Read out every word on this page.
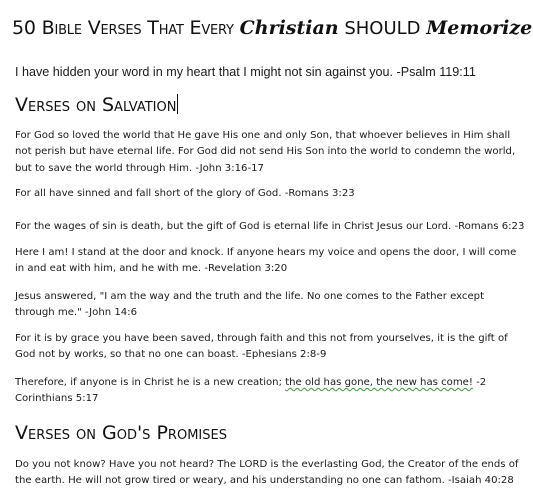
50 Bible Verses That Every Christian SHOULD Memorize
I have hidden your word in my heart that I might not sin against you. -Psalm 119:11
Verses on Salvation
For God so loved the world that He gave His one and only Son, that whoever believes in Him shall not perish but have eternal life. For God did not send His Son into the world to condemn the world, but to save the world through Him. -John 3:16-17
For all have sinned and fall short of the glory of God. -Romans 3:23
For the wages of sin is death, but the gift of God is eternal life in Christ Jesus our Lord. -Romans 6:23
Here I am! I stand at the door and knock. If anyone hears my voice and opens the door, I will come in and eat with him, and he with me. -Revelation 3:20
Jesus answered, "I am the way and the truth and the life. No one comes to the Father except through me." -John 14:6
For it is by grace you have been saved, through faith and this not from yourselves, it is the gift of God not by works, so that no one can boast. -Ephesians 2:8-9
Therefore, if anyone is in Christ he is a new creation; the old has gone, the new has come! -2 Corinthians 5:17
Verses on God's Promises
Do you not know? Have you not heard? The LORD is the everlasting God, the Creator of the ends of the earth. He will not grow tired or weary, and his understanding no one can fathom. -Isaiah 40:28
